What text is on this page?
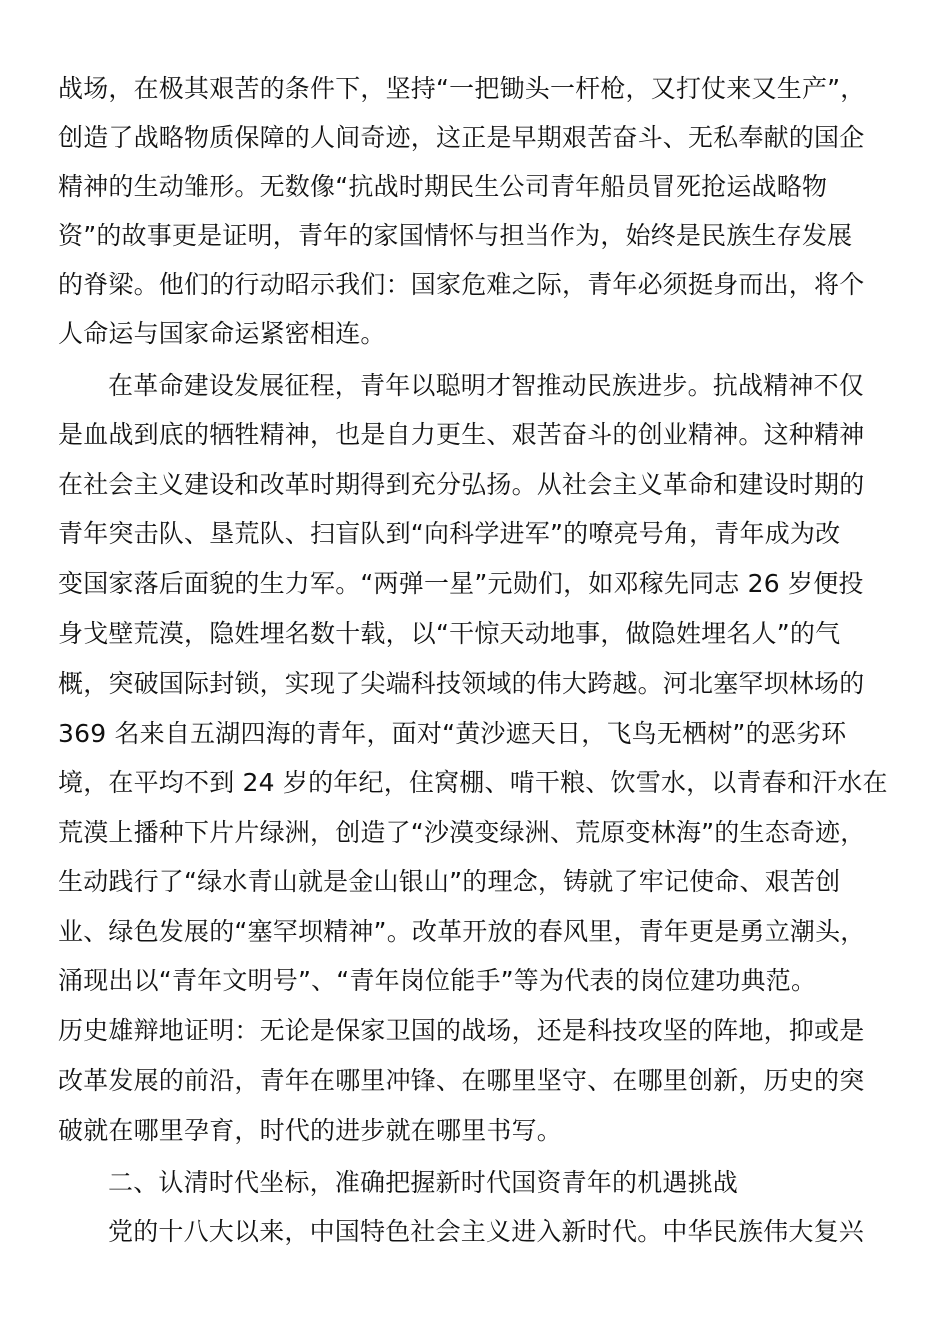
战场，在极其艰苦的条件下，坚持“一把锄头一杆枪，又打仗来又生产”，
创造了战略物质保障的人间奇迹，这正是早期艰苦奋斗、无私奉献的国企
精神的生动雏形。无数像“抗战时期民生公司青年船员冒死抢运战略物
资”的故事更是证明，青年的家国情怀与担当作为，始终是民族生存发展
的脊梁。他们的行动昭示我们：国家危难之际，青年必须挺身而出，将个
人命运与国家命运紧密相连。
在革命建设发展征程，青年以聪明才智推动民族进步。抗战精神不仅
是血战到底的牺牲精神，也是自力更生、艰苦奋斗的创业精神。这种精神
在社会主义建设和改革时期得到充分弘扬。从社会主义革命和建设时期的
青年突击队、垦荒队、扫盲队到“向科学进军”的嘹亮号角，青年成为改
变国家落后面貌的生力军。“两弹一星”元勋们，如邓稼先同志 26 岁便投
身戈壁荒漠，隐姓埋名数十载，以“干惊天动地事，做隐姓埋名人”的气
概，突破国际封锁，实现了尖端科技领域的伟大跨越。河北塞罕坝林场的
369 名来自五湖四海的青年，面对“黄沙遮天日，飞鸟无栖树”的恶劣环
境，在平均不到 24 岁的年纪，住窝棚、啃干粮、饮雪水，以青春和汗水在
荒漠上播种下片片绿洲，创造了“沙漠变绿洲、荒原变林海”的生态奇迹，
生动践行了“绿水青山就是金山银山”的理念，铸就了牢记使命、艰苦创
业、绿色发展的“塞罕坝精神”。改革开放的春风里，青年更是勇立潮头，
涌现出以“青年文明号”、“青年岗位能手”等为代表的岗位建功典范。
历史雄辩地证明：无论是保家卫国的战场，还是科技攻坚的阵地，抑或是
改革发展的前沿，青年在哪里冲锋、在哪里坚守、在哪里创新，历史的突
破就在哪里孕育，时代的进步就在哪里书写。
二、认清时代坐标，准确把握新时代国资青年的机遇挑战
党的十八大以来，中国特色社会主义进入新时代。中华民族伟大复兴
